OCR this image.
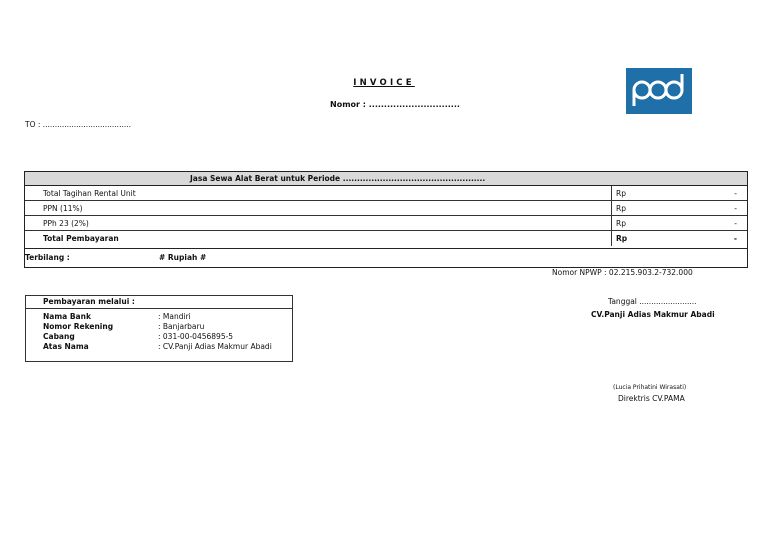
INVOICE
Nomor : ..............................
TO : .....................................
Jasa Sewa Alat Berat untuk Periode ..................................................
Total Tagihan Rental Unit	Rp	-
PPN (11%)	Rp	-
PPh 23 (2%)	Rp	-
Total Pembayaran	Rp	-
Terbilang :	# Rupiah #
Nomor NPWP : 02.215.903.2-732.000
Pembayaran melalui :
Nama Bank	: Mandiri
Nomor Rekening	: Banjarbaru
Cabang	: 031-00-0456895-5
Atas Nama	: CV.Panji Adias Makmur Abadi
Tanggal ........................
CV.Panji Adias Makmur Abadi
(Lucia Prihatini Wirasati)
Direktris CV.PAMA
